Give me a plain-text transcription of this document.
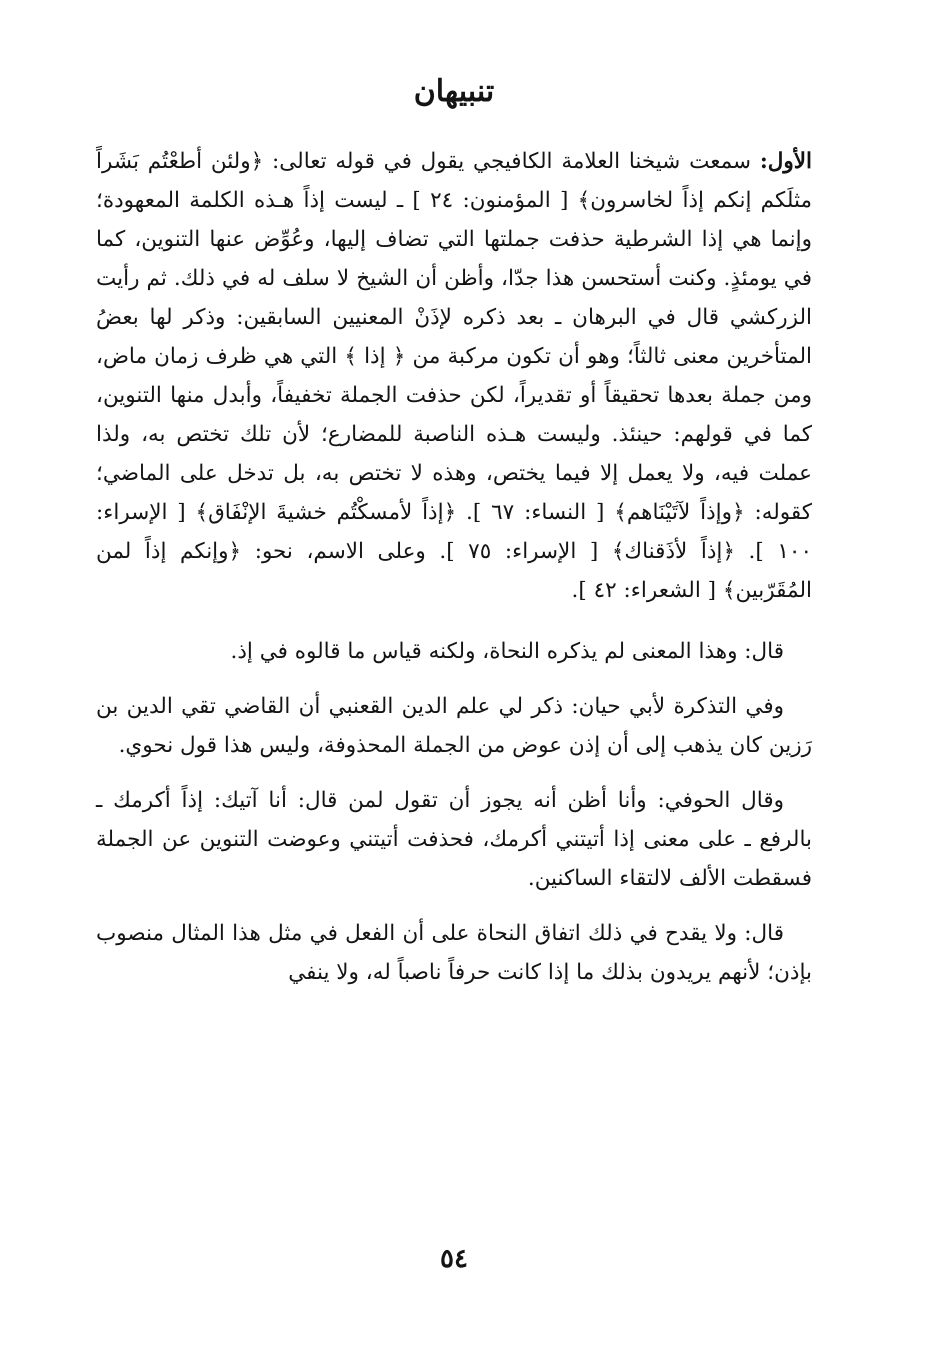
تنبيهان

الأول: سمعت شيخنا العلامة الكافيجي يقول في قوله تعالى: ﴿ولئن أطعْتُم بَشَراً مثلَكم إنكم إذاً لخاسرون﴾ [ المؤمنون: ٢٤ ] ـ ليست إذاً هـذه الكلمة المعهودة؛ وإنما هي إذا الشرطية حذفت جملتها التي تضاف إليها، وعُوِّض عنها التنوين، كما في يومئذٍ. وكنت أستحسن هذا جدّا، وأظن أن الشيخ لا سلف له في ذلك. ثم رأيت الزركشي قال في البرهان ـ بعد ذكره لإذَنْ المعنيين السابقين: وذكر لها بعضُ المتأخرين معنى ثالثاً؛ وهو أن تكون مركبة من ﴿ إذا ﴾ التي هي ظرف زمان ماض، ومن جملة بعدها تحقيقاً أو تقديراً، لكن حذفت الجملة تخفيفاً، وأبدل منها التنوين، كما في قولهم: حينئذ. وليست هـذه الناصبة للمضارع؛ لأن تلك تختص به، ولذا عملت فيه، ولا يعمل إلا فيما يختص، وهذه لا تختص به، بل تدخل على الماضي؛ كقوله: ﴿وإذاً لآتَيْنَاهم﴾ [ النساء: ٦٧ ]. ﴿إذاً لأمسكْتُم خشيةَ الإنْفَاق﴾ [ الإسراء: ١٠٠ ]. ﴿إذاً لأذَقناك﴾ [ الإسراء: ٧٥ ]. وعلى الاسم، نحو: ﴿وإنكم إذاً لمن المُقَرّبين﴾ [ الشعراء: ٤٢ ].

قال: وهذا المعنى لم يذكره النحاة، ولكنه قياس ما قالوه في إذ.

وفي التذكرة لأبي حيان: ذكر لي علم الدين القعنبي أن القاضي تقي الدين بن رَزين كان يذهب إلى أن إذن عوض من الجملة المحذوفة، وليس هذا قول نحوي.

وقال الحوفي: وأنا أظن أنه يجوز أن تقول لمن قال: أنا آتيك: إذاً أكرمك ـ بالرفع ـ على معنى إذا أتيتني أكرمك، فحذفت أتيتني وعوضت التنوين عن الجملة فسقطت الألف لالتقاء الساكنين.

قال: ولا يقدح في ذلك اتفاق النحاة على أن الفعل في مثل هذا المثال منصوب بإذن؛ لأنهم يريدون بذلك ما إذا كانت حرفاً ناصباً له، ولا ينفي

٥٤
